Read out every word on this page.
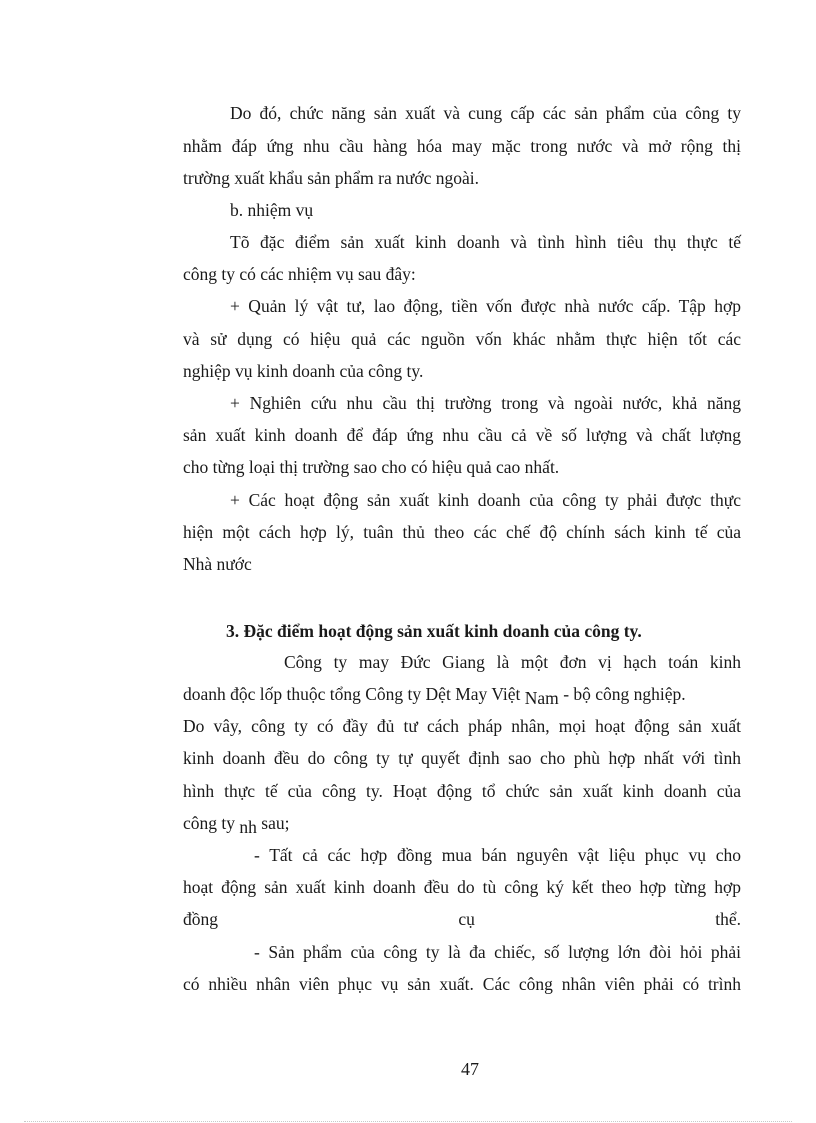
Do đó, chức năng sản xuất và cung cấp các sản phẩm của công ty
nhằm đáp ứng nhu cầu hàng hóa may mặc trong nước và mở rộng thị
trường xuất khẩu sản phẩm ra nước ngoài.
b. nhiệm vụ
Tõ đặc điểm sản xuất kinh doanh và tình hình tiêu thụ thực tế
công ty có các nhiệm vụ sau đây:
+ Quản lý vật tư, lao động, tiền vốn được nhà nước cấp. Tập hợp
và sử dụng có hiệu quả các nguồn vốn khác nhằm thực hiện tốt các
nghiệp vụ kinh doanh của công ty.
+ Nghiên cứu nhu cầu thị trường trong và ngoài nước, khả năng
sản xuất kinh doanh để đáp ứng nhu cầu cả về số lượng và chất lượng
cho từng loại thị trường sao cho có hiệu quả cao nhất.
+ Các hoạt động sản xuất kinh doanh của công ty phải được thực
hiện một cách hợp lý, tuân thủ theo các chế độ chính sách kinh tế của
Nhà nước
3. Đặc điểm hoạt động sản xuất kinh doanh của công ty.
Công ty may Đức Giang là một đơn vị hạch toán kinh
doanh độc lốp thuộc tổng Công ty Dệt May Việt Nam - bộ công nghiệp.
Do vây, công ty có đầy đủ tư cách pháp nhân, mọi hoạt động sản xuất
kinh doanh đều do công ty tự quyết định sao cho phù hợp nhất với tình
hình thực tế của công ty. Hoạt động tổ chức sản xuất kinh doanh của
công ty nh sau;
- Tất cả các hợp đồng mua bán nguyên vật liệu phục vụ cho
hoạt động sản xuất kinh doanh đều do tù công ký kết theo hợp từng hợp
đồng cụ thể.
- Sản phẩm của công ty là đa chiếc, số lượng lớn đòi hỏi phải
có nhiều nhân viên phục vụ sản xuất. Các công nhân viên phải có trình
47
